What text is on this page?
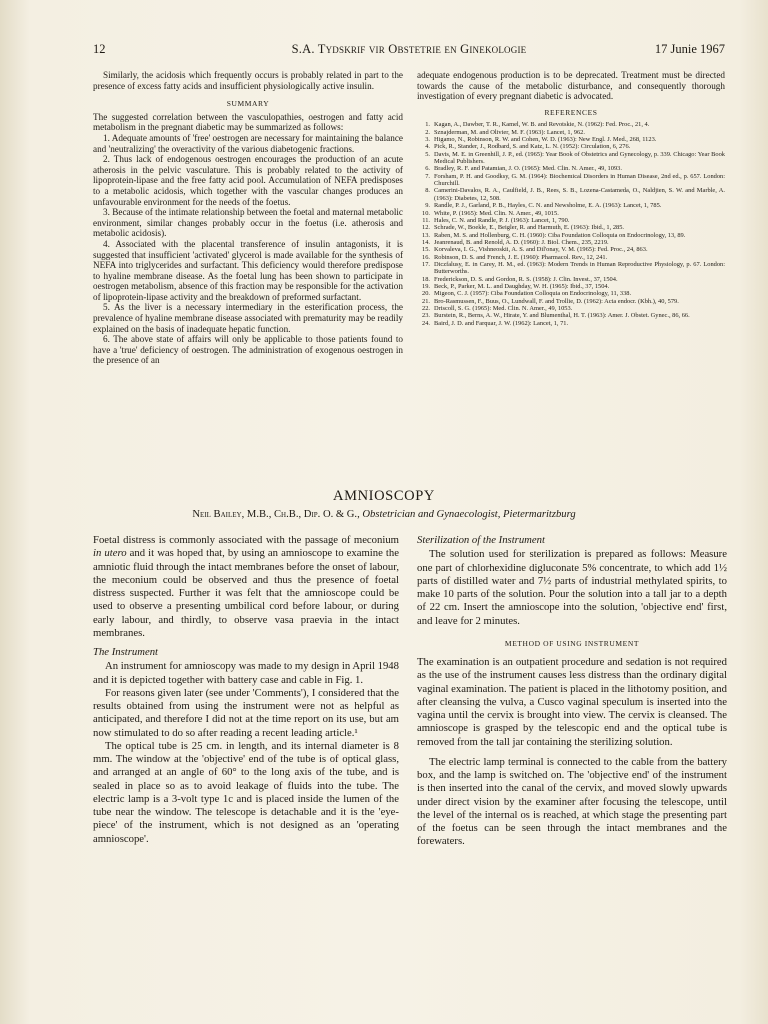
12	S.A. Tydskrif vir Obstetrie en Ginekologie	17 Junie 1967

Similarly, the acidosis which frequently occurs is probably related in part to the presence of excess fatty acids and insufficient physiologically active insulin.

SUMMARY

The suggested correlation between the vasculopathies, oestrogen and fatty acid metabolism in the pregnant diabetic may be summarized as follows:

1. Adequate amounts of 'free' oestrogen are necessary for maintaining the balance and 'neutralizing' the overactivity of the various diabetogenic fractions.

2. Thus lack of endogenous oestrogen encourages the production of an acute atherosis in the pelvic vasculature. This is probably related to the activity of lipoprotein-lipase and the free fatty acid pool. Accumulation of NEFA predisposes to a metabolic acidosis, which together with the vascular changes produces an unfavourable environment for the needs of the foetus.

3. Because of the intimate relationship between the foetal and maternal metabolic environment, similar changes probably occur in the foetus (i.e. atherosis and metabolic acidosis).

4. Associated with the placental transference of insulin antagonists, it is suggested that insufficient 'activated' glycerol is made available for the synthesis of NEFA into triglycerides and surfactant. This deficiency would therefore predispose to hyaline membrane disease. As the foetal lung has been shown to participate in oestrogen metabolism, absence of this fraction may be responsible for the activation of lipoprotein-lipase activity and the breakdown of preformed surfactant.

5. As the liver is a necessary intermediary in the esterification process, the prevalence of hyaline membrane disease associated with prematurity may be readily explained on the basis of inadequate hepatic function.

6. The above state of affairs will only be applicable to those patients found to have a 'true' deficiency of oestrogen. The administration of exogenous oestrogen in the presence of an

adequate endogenous production is to be deprecated. Treatment must be directed towards the cause of the metabolic disturbance, and consequently thorough investigation of every pregnant diabetic is advocated.

REFERENCES
1. Kagan, A., Dawber, T. R., Kamel, W. B. and Revotskie, N. (1962): Fed. Proc., 21, 4.
2. Sznajderman, M. and Olivier, M. F. (1963): Lancet, 1, 962.
3. Higamo, N., Robinson, R. W. and Cohen, W. D. (1963): New Engl. J. Med., 268, 1123.
4. Pick, R., Stander, J., Rodbard, S. and Katz, L. N. (1952): Circulation, 6, 276.
5. Davis, M. E. in Greenhill, J. P., ed. (1965): Year Book of Obstetrics and Gynecology, p. 339. Chicago: Year Book Medical Publishers.
6. Bradley, R. F. and Patamian, J. O. (1965): Med. Clin. N. Amer., 49, 1093.
7. Forsham, P. H. and Goodksy, G. M. (1964): Biochemical Disorders in Human Disease, 2nd ed., p. 657. London: Churchill.
8. Camerini-Davalos, R. A., Caulfield, J. B., Rees, S. B., Lozena-Castameda, O., Naldjien, S. W. and Marble, A. (1963): Diabetes, 12, 508.
9. Randle, P. J., Garland, P. B., Hayles, C. N. and Newsholme, E. A. (1963): Lancet, 1, 785.
10. White, P. (1965): Med. Clin. N. Amer., 49, 1015.
11. Hales, C. N. and Randle, P. J. (1963): Lancet, 1, 790.
12. Schrade, W., Boekle, E., Beigler, R. and Harmuth, E. (1963): Ibid., 1, 285.
13. Raben, M. S. and Hollenburg, C. H. (1960): Ciba Foundation Colloquia on Endocrinology, 13, 89.
14. Jeanrenaud, B. and Renold, A. D. (1960): J. Biol. Chem., 235, 2219.
15. Korvaleva, I. G., Vishneoskii, A. S. and Dil'onay, V. M. (1965): Fed. Proc., 24, 863.
16. Robinson, D. S. and French, J. E. (1960): Pharmacol. Rev., 12, 241.
17. Diczfalusy, E. in Carey, H. M., ed. (1963): Modern Trends in Human Reproductive Physiology, p. 67. London: Butterworths.
18. Frederickson, D. S. and Gordon, R. S. (1958): J. Clin. Invest., 37, 1504.
19. Beck, P., Parker, M. L. and Daughday, W. H. (1965): Ibid., 37, 1504.
20. Migeon, C. J. (1957): Ciba Foundation Colloquia on Endocrinology, 11, 338.
21. Bro-Rasmussen, F., Buus, O., Lundwall, F. and Trollie, D. (1962): Acta endocr. (Kbh.), 40, 579.
22. Driscoll, S. G. (1965): Med. Clin. N. Amer., 49, 1053.
23. Burstein, R., Berns, A. W., Hirate, Y. and Blumenthal, H. T. (1963): Amer. J. Obstet. Gynec., 86, 66.
24. Baird, J. D. and Farquar, J. W. (1962): Lancet, 1, 71.
AMNIOSCOPY
Neil Bailey, M.B., Ch.B., Dip. O. & G., Obstetrician and Gynaecologist, Pietermaritzburg

Foetal distress is commonly associated with the passage of meconium in utero and it was hoped that, by using an amnioscope to examine the amniotic fluid through the intact membranes before the onset of labour, the meconium could be observed and thus the presence of foetal distress suspected. Further it was felt that the amnioscope could be used to observe a presenting umbilical cord before labour, or during early labour, and thirdly, to observe vasa praevia in the intact membranes.

The Instrument

An instrument for amnioscopy was made to my design in April 1948 and it is depicted together with battery case and cable in Fig. 1.

For reasons given later (see under 'Comments'), I considered that the results obtained from using the instrument were not as helpful as anticipated, and therefore I did not at the time report on its use, but am now stimulated to do so after reading a recent leading article.¹

The optical tube is 25 cm. in length, and its internal diameter is 8 mm. The window at the 'objective' end of the tube is of optical glass, and arranged at an angle of 60° to the long axis of the tube, and is sealed in place so as to avoid leakage of fluids into the tube. The electric lamp is a 3-volt type 1c and is placed inside the lumen of the tube near the window. The telescope is detachable and it is the 'eye-piece' of the instrument, which is not designed as an 'operating amnioscope'.

Sterilization of the Instrument

The solution used for sterilization is prepared as follows: Measure one part of chlorhexidine digluconate 5% concentrate, to which add 1½ parts of distilled water and 7½ parts of industrial methylated spirits, to make 10 parts of the solution. Pour the solution into a tall jar to a depth of 22 cm. Insert the amnioscope into the solution, 'objective end' first, and leave for 2 minutes.

METHOD OF USING INSTRUMENT

The examination is an outpatient procedure and sedation is not required as the use of the instrument causes less distress than the ordinary digital vaginal examination. The patient is placed in the lithotomy position, and after cleansing the vulva, a Cusco vaginal speculum is inserted into the vagina until the cervix is brought into view. The cervix is cleansed. The amnioscope is grasped by the telescopic end and the optical tube is removed from the tall jar containing the sterilizing solution.

The electric lamp terminal is connected to the cable from the battery box, and the lamp is switched on. The 'objective end' of the instrument is then inserted into the canal of the cervix, and moved slowly upwards under direct vision by the examiner after focusing the telescope, until the level of the internal os is reached, at which stage the presenting part of the foetus can be seen through the intact membranes and the forewaters.
